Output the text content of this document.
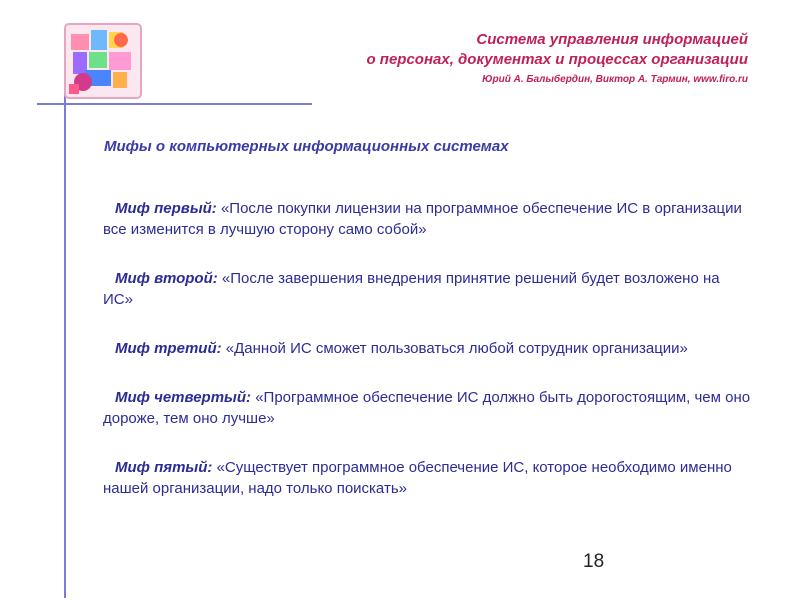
Система управления информацией
о персонах, документах и процессах организации
Юрий А. Балыбердин, Виктор А. Тармин, www.firo.ru
Мифы о компьютерных информационных системах
Миф первый: «После покупки лицензии на программное обеспечение ИС в организации все изменится в лучшую сторону само собой»
Миф второй: «После завершения внедрения принятие решений будет возложено на ИС»
Миф третий: «Данной ИС сможет пользоваться любой сотрудник организации»
Миф четвертый: «Программное обеспечение ИС должно быть дорогостоящим, чем оно дороже, тем оно лучше»
Миф пятый: «Существует программное обеспечение ИС, которое необходимо именно нашей организации, надо только поискать»
18
